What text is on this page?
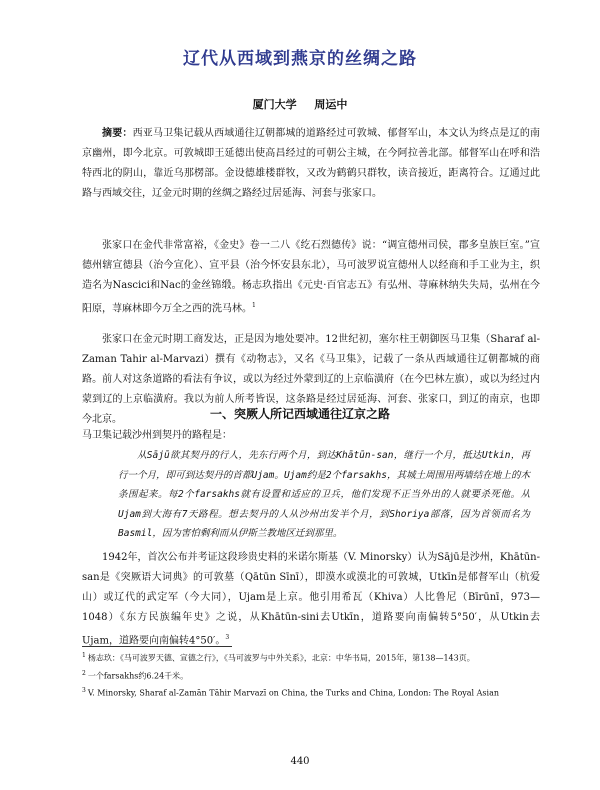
辽代从西域到燕京的丝绸之路
厦门大学 周运中
摘要：西亚马卫集记载从西域通往辽朝都城的道路经过可敦城、郁督军山，本文认为终点是辽的南京幽州，即今北京。可敦城即王延德出使高昌经过的可朝公主城，在今阿拉善北部。郁督军山在呼和浩特西北的阴山，靠近乌那楞部。金设德雄楼群牧，又改为鹤鹤只群牧，读音接近，距离符合。辽通过此路与西域交往，辽金元时期的丝绸之路经过居延海、河套与张家口。
张家口在金代非常富裕，《金史》卷一二八《纥石烈德传》说：“调宣德州司侯，郡多皇族巨室。”宣德州辖宣德县（治今宣化）、宣平县（治今怀安县东北），马可波罗说宣德州人以经商和手工业为主，织造名为Nascici和Nac的金丝锦缎。杨志玖指出《元史·百官志五》有弘州、荨麻林纳失失局，弘州在今阳原，荨麻林即今万全之西的洗马林。$^1$
张家口在金元时期工商发达，正是因为地处要冲。12世纪初，塞尔柱王朝御医马卫集（Sharaf al-Zaman Tahir al-Marvazi）撰有《动物志》，又名《马卫集》，记载了一条从西域通往辽朝都城的商路。前人对这条道路的看法有争议，或以为经过外蒙到辽的上京临潢府（在今巴林左旗），或以为经过内蒙到辽的上京临潢府。我以为前人所考皆误，这条路是经过居延海、河套、张家口，到辽的南京，也即今北京。	一、突厥人所记西域通往辽京之路
马卫集记载沙州到契丹的路程是：
从Sājū欲其契丹的行人，先东行两个月，到达Khātūn-san，继行一个月，抵达Utkin，再行一个月，即可到达契丹的首都Ujam。Ujam约是2个farsakhs，其城土周围用两墙结在地上的木条围起来。每2个farsakhs就有设置和适应的卫兵，他们发现不正当外出的人就要杀死他。从Ujam到大海有7天路程。想去契丹的人从沙州出发半个月，到Shoriya部落，因为首领而名为Basmil，因为害怕剩利而从伊斯兰教地区迁到那里。
1942年，首次公布并考证这段珍贵史料的米诺尔斯基（V. Minorsky）认为Sājū是沙州，Khātūn-san是《突厥语大词典》的可敦墓（Qātūn Sīnī），即漠水或漠北的可敦城，Utkīn是郁督军山（杭爱山）或辽代的武定军（今大同），Ujam是上京。他引用希瓦（Khiva）人比鲁尼（Bīrūnī，973—1048）《东方民族编年史》之说，从Khātūn-sini去Utkīn，道路要向南偏转5°50′，从Utkin去Ujam，道路要向南偏转4°50′。$^3$
$^1$ 杨志玖：《马可波罗天德、宣德之行》，《马可波罗与中外关系》，北京：中华书局，2015年，第138—143页。
$^2$ 一个farsakhs约6.24千米。
$^3$ V. Minorsky, Sharaf al-Zamān Tāhir Marvazī on China, the Turks and China, London: The Royal Asian
440
